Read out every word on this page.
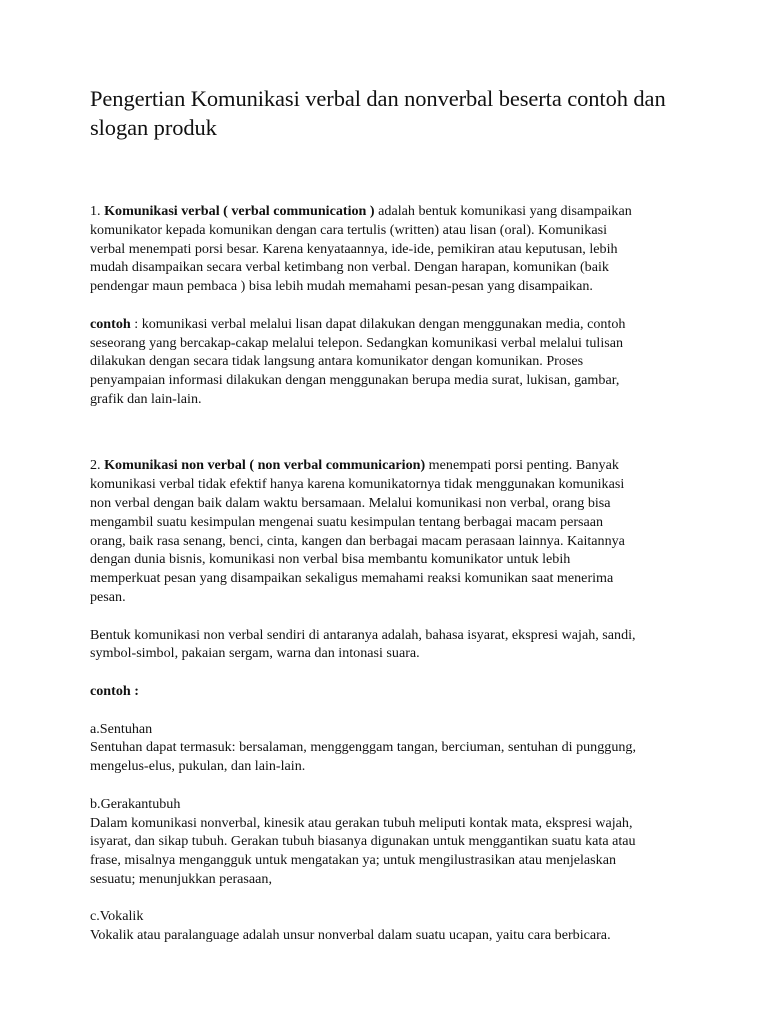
Pengertian Komunikasi verbal dan nonverbal beserta contoh dan slogan produk

1. Komunikasi verbal ( verbal communication ) adalah bentuk komunikasi yang disampaikan

komunikator kepada komunikan dengan cara tertulis (written) atau lisan (oral). Komunikasi

verbal menempati porsi besar. Karena kenyataannya, ide-ide, pemikiran atau keputusan, lebih

mudah disampaikan secara verbal ketimbang non verbal. Dengan harapan, komunikan (baik

pendengar maun pembaca ) bisa lebih mudah memahami pesan-pesan yang disampaikan.

contoh : komunikasi verbal melalui lisan dapat dilakukan dengan menggunakan media, contoh

seseorang yang bercakap-cakap melalui telepon. Sedangkan komunikasi verbal melalui tulisan

dilakukan dengan secara tidak langsung antara komunikator dengan komunikan. Proses

penyampaian informasi dilakukan dengan menggunakan berupa media surat, lukisan, gambar,

grafik dan lain-lain.

2. Komunikasi non verbal ( non verbal communicarion) menempati porsi penting. Banyak

komunikasi verbal tidak efektif hanya karena komunikatornya tidak menggunakan komunikasi

non verbal dengan baik dalam waktu bersamaan. Melalui komunikasi non verbal, orang bisa

mengambil suatu kesimpulan mengenai suatu kesimpulan tentang berbagai macam persaan

orang, baik rasa senang, benci, cinta, kangen dan berbagai macam perasaan lainnya. Kaitannya

dengan dunia bisnis, komunikasi non verbal bisa membantu komunikator untuk lebih

memperkuat pesan yang disampaikan sekaligus memahami reaksi komunikan saat menerima

pesan.

Bentuk komunikasi non verbal sendiri di antaranya adalah, bahasa isyarat, ekspresi wajah, sandi,

symbol-simbol, pakaian sergam, warna dan intonasi suara.

contoh :

a.Sentuhan

Sentuhan dapat termasuk: bersalaman, menggenggam tangan, berciuman, sentuhan di punggung,

mengelus-elus, pukulan, dan lain-lain.

b.Gerakantubuh

Dalam komunikasi nonverbal, kinesik atau gerakan tubuh meliputi kontak mata, ekspresi wajah,

isyarat, dan sikap tubuh. Gerakan tubuh biasanya digunakan untuk menggantikan suatu kata atau

frase, misalnya mengangguk untuk mengatakan ya; untuk mengilustrasikan atau menjelaskan

sesuatu; menunjukkan perasaan,

c.Vokalik

Vokalik atau paralanguage adalah unsur nonverbal dalam suatu ucapan, yaitu cara berbicara.
